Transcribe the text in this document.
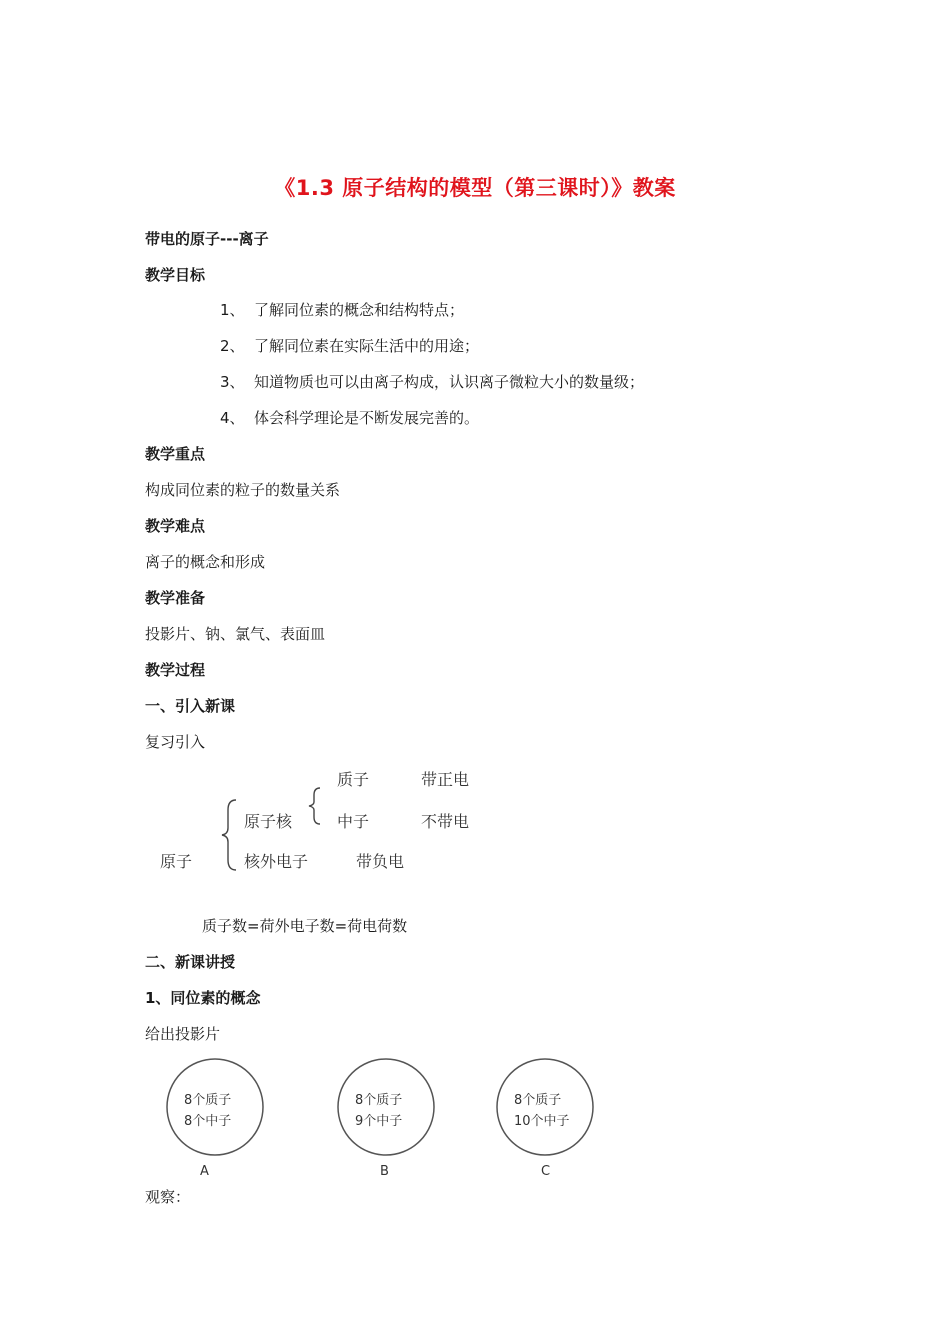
《1.3 原子结构的模型（第三课时）》教案
带电的原子---离子
教学目标
1、 了解同位素的概念和结构特点；
2、 了解同位素在实际生活中的用途；
3、 知道物质也可以由离子构成，认识离子微粒大小的数量级；
4、 体会科学理论是不断发展完善的。
教学重点
构成同位素的粒子的数量关系
教学难点
离子的概念和形成
教学准备
投影片、钠、氯气、表面皿
教学过程
一、引入新课
复习引入
质子	带正电
原子核	中子	不带电
原子	核外电子	带负电
质子数=荷外电子数=荷电荷数
二、新课讲授
1、同位素的概念
给出投影片
8个质子
8个中子
A
8个质子
9个中子
B
8个质子
10个中子
C
观察：
